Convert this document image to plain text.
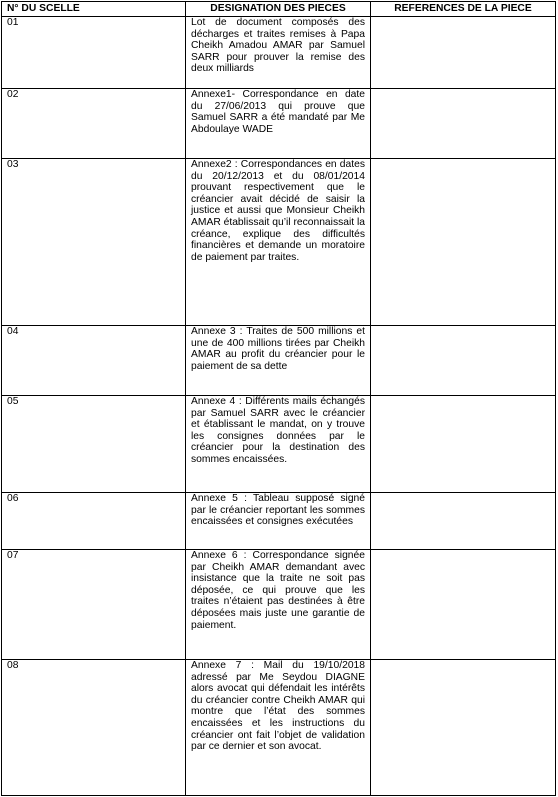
N° DU SCELLE	DESIGNATION DES PIECES	REFERENCES DE LA PIECE
01	Lot de document composés des décharges et traites remises à Papa Cheikh Amadou AMAR par Samuel SARR pour prouver la remise des deux milliards	
02	Annexe1- Correspondance en date du 27/06/2013 qui prouve que Samuel SARR a été mandaté par Me Abdoulaye WADE	
03	Annexe2 : Correspondances en dates du 20/12/2013 et du 08/01/2014 prouvant respectivement que le créancier avait décidé de saisir la justice et aussi que Monsieur Cheikh AMAR établissait qu’il reconnaissait la créance, explique des difficultés financières et demande un moratoire de paiement par traites.	
04	Annexe 3 : Traites de 500 millions et une de 400 millions tirées par Cheikh AMAR au profit du créancier pour le paiement de sa dette	
05	Annexe 4 : Différents mails échangés par Samuel SARR avec le créancier et établissant le mandat, on y trouve les consignes données par le créancier pour la destination des sommes encaissées.	
06	Annexe 5 : Tableau supposé signé par le créancier reportant les sommes encaissées et consignes exécutées	
07	Annexe 6 : Correspondance signée par Cheikh AMAR demandant avec insistance que la traite ne soit pas déposée, ce qui prouve que les traites n’étaient pas destinées à être déposées mais juste une garantie de paiement.	
08	Annexe 7 : Mail du 19/10/2018 adressé par Me Seydou DIAGNE alors avocat qui défendait les intérêts du créancier contre Cheikh AMAR qui montre que l’état des sommes encaissées et les instructions du créancier ont fait l’objet de validation par ce dernier et son avocat.	
